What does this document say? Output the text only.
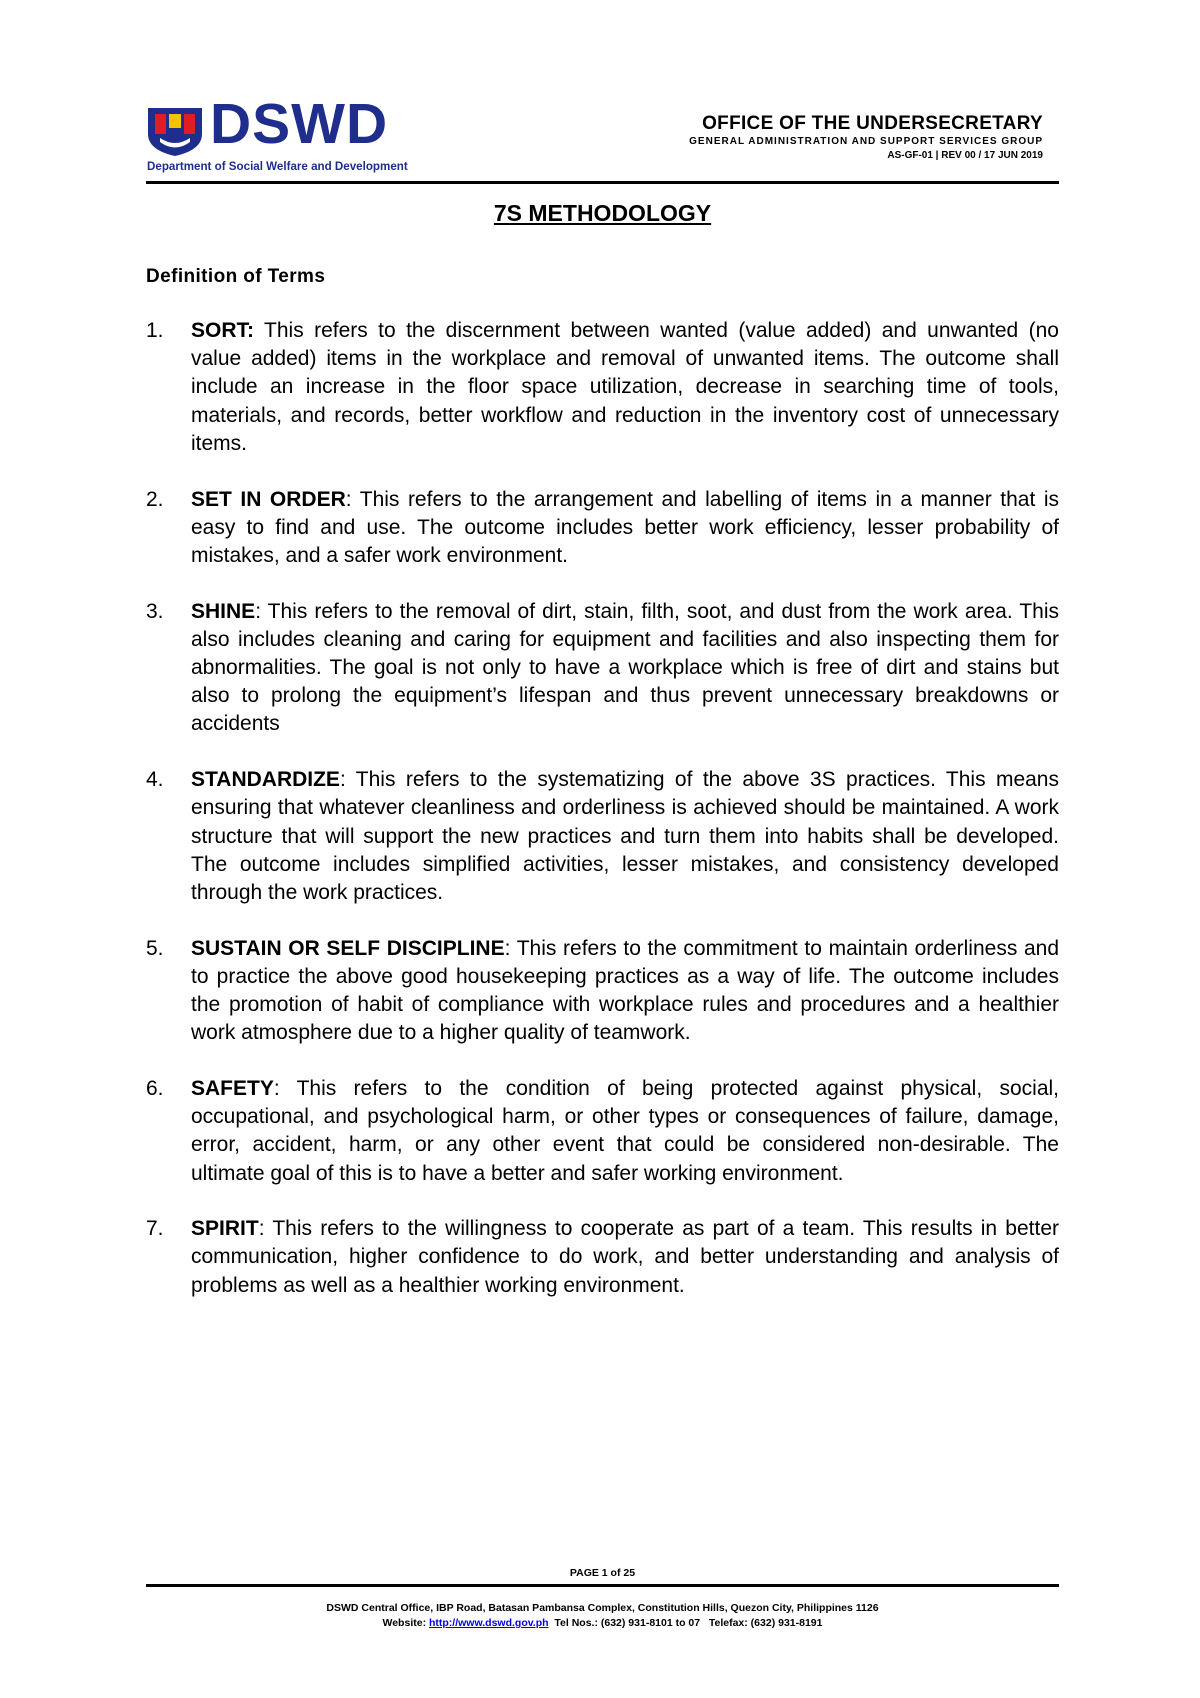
DSWD
Department of Social Welfare and Development
OFFICE OF THE UNDERSECRETARY
GENERAL ADMINISTRATION AND SUPPORT SERVICES GROUP
AS-GF-01 | REV 00 / 17 JUN 2019
7S METHODOLOGY
Definition of Terms
1. SORT: This refers to the discernment between wanted (value added) and unwanted (no value added) items in the workplace and removal of unwanted items. The outcome shall include an increase in the floor space utilization, decrease in searching time of tools, materials, and records, better workflow and reduction in the inventory cost of unnecessary items.
2. SET IN ORDER: This refers to the arrangement and labelling of items in a manner that is easy to find and use. The outcome includes better work efficiency, lesser probability of mistakes, and a safer work environment.
3. SHINE: This refers to the removal of dirt, stain, filth, soot, and dust from the work area. This also includes cleaning and caring for equipment and facilities and also inspecting them for abnormalities. The goal is not only to have a workplace which is free of dirt and stains but also to prolong the equipment’s lifespan and thus prevent unnecessary breakdowns or accidents
4. STANDARDIZE: This refers to the systematizing of the above 3S practices. This means ensuring that whatever cleanliness and orderliness is achieved should be maintained. A work structure that will support the new practices and turn them into habits shall be developed. The outcome includes simplified activities, lesser mistakes, and consistency developed through the work practices.
5. SUSTAIN OR SELF DISCIPLINE: This refers to the commitment to maintain orderliness and to practice the above good housekeeping practices as a way of life. The outcome includes the promotion of habit of compliance with workplace rules and procedures and a healthier work atmosphere due to a higher quality of teamwork.
6. SAFETY: This refers to the condition of being protected against physical, social, occupational, and psychological harm, or other types or consequences of failure, damage, error, accident, harm, or any other event that could be considered non-desirable. The ultimate goal of this is to have a better and safer working environment.
7. SPIRIT: This refers to the willingness to cooperate as part of a team. This results in better communication, higher confidence to do work, and better understanding and analysis of problems as well as a healthier working environment.
PAGE 1 of 25
DSWD Central Office, IBP Road, Batasan Pambansa Complex, Constitution Hills, Quezon City, Philippines 1126
Website: http://www.dswd.gov.ph  Tel Nos.: (632) 931-8101 to 07   Telefax: (632) 931-8191
